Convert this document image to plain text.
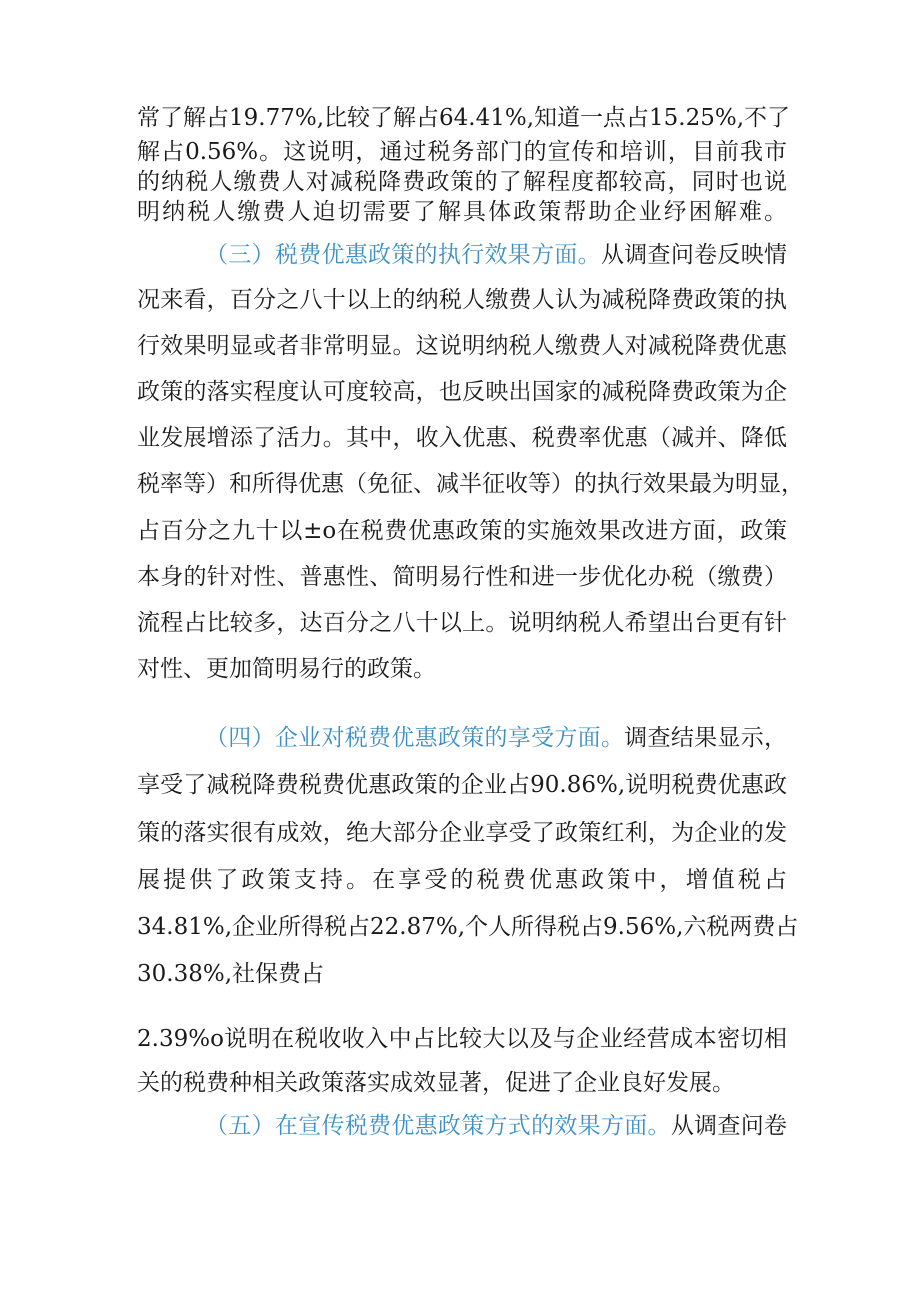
常了解占19.77%,比较了解占64.41%,知道一点占15.25%,不了
解占0.56%。这说明，通过税务部门的宣传和培训，目前我市
的纳税人缴费人对减税降费政策的了解程度都较高，同时也说
明纳税人缴费人迫切需要了解具体政策帮助企业纾困解难。
（三）税费优惠政策的执行效果方面。从调查问卷反映情
况来看，百分之八十以上的纳税人缴费人认为减税降费政策的执
行效果明显或者非常明显。这说明纳税人缴费人对减税降费优惠
政策的落实程度认可度较高，也反映出国家的减税降费政策为企
业发展增添了活力。其中，收入优惠、税费率优惠（减并、降低
税率等）和所得优惠（免征、减半征收等）的执行效果最为明显，
占百分之九十以±o在税费优惠政策的实施效果改进方面，政策
本身的针对性、普惠性、简明易行性和进一步优化办税（缴费）
流程占比较多，达百分之八十以上。说明纳税人希望出台更有针
对性、更加简明易行的政策。
（四）企业对税费优惠政策的享受方面。调查结果显示，
享受了减税降费税费优惠政策的企业占90.86%,说明税费优惠政
策的落实很有成效，绝大部分企业享受了政策红利，为企业的发
展提供了政策支持。在享受的税费优惠政策中，增值税占
34.81%,企业所得税占22.87%,个人所得税占9.56%,六税两费占
30.38%,社保费占
2.39%o说明在税收收入中占比较大以及与企业经营成本密切相
关的税费种相关政策落实成效显著，促进了企业良好发展。
（五）在宣传税费优惠政策方式的效果方面。从调查问卷
